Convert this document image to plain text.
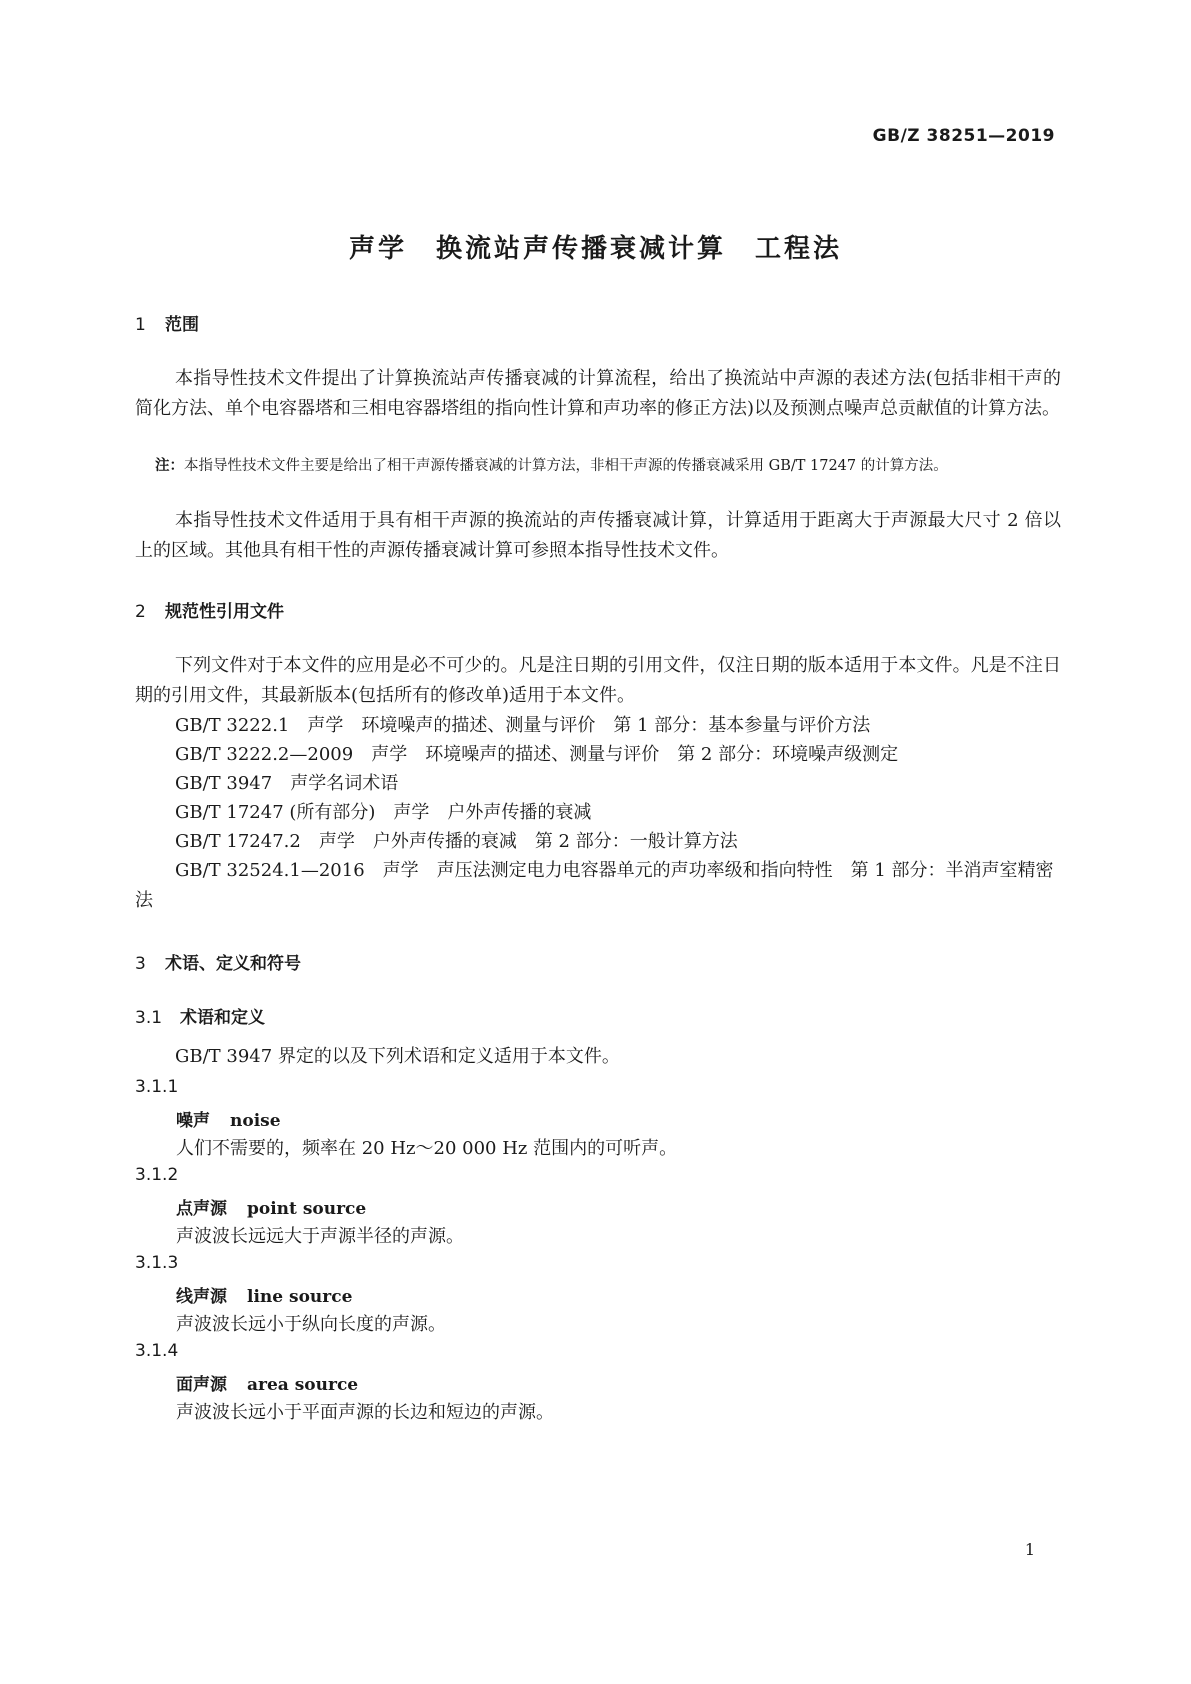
GB/Z 38251—2019
声学　换流站声传播衰减计算　工程法
1 范围

本指导性技术文件提出了计算换流站声传播衰减的计算流程，给出了换流站中声源的表述方法(包括非相干声的简化方法、单个电容器塔和三相电容器塔组的指向性计算和声功率的修正方法)以及预测点噪声总贡献值的计算方法。

注：本指导性技术文件主要是给出了相干声源传播衰减的计算方法，非相干声源的传播衰减采用 GB/T 17247 的计算方法。

本指导性技术文件适用于具有相干声源的换流站的声传播衰减计算，计算适用于距离大于声源最大尺寸 2 倍以上的区域。其他具有相干性的声源传播衰减计算可参照本指导性技术文件。

2 规范性引用文件

下列文件对于本文件的应用是必不可少的。凡是注日期的引用文件，仅注日期的版本适用于本文件。凡是不注日期的引用文件，其最新版本(包括所有的修改单)适用于本文件。

GB/T 3222.1　声学　环境噪声的描述、测量与评价　第 1 部分：基本参量与评价方法

GB/T 3222.2—2009　声学　环境噪声的描述、测量与评价　第 2 部分：环境噪声级测定

GB/T 3947　声学名词术语

GB/T 17247 (所有部分)　声学　户外声传播的衰减

GB/T 17247.2　声学　户外声传播的衰减　第 2 部分：一般计算方法

GB/T 32524.1—2016　声学　声压法测定电力电容器单元的声功率级和指向特性　第 1 部分：半消声室精密法

3 术语、定义和符号
3.1 术语和定义

GB/T 3947 界定的以及下列术语和定义适用于本文件。

3.1.1
噪声 noise
人们不需要的，频率在 20 Hz～20 000 Hz 范围内的可听声。
3.1.2
点声源 point source
声波波长远远大于声源半径的声源。
3.1.3
线声源 line source
声波波长远小于纵向长度的声源。
3.1.4
面声源 area source
声波波长远小于平面声源的长边和短边的声源。
1
